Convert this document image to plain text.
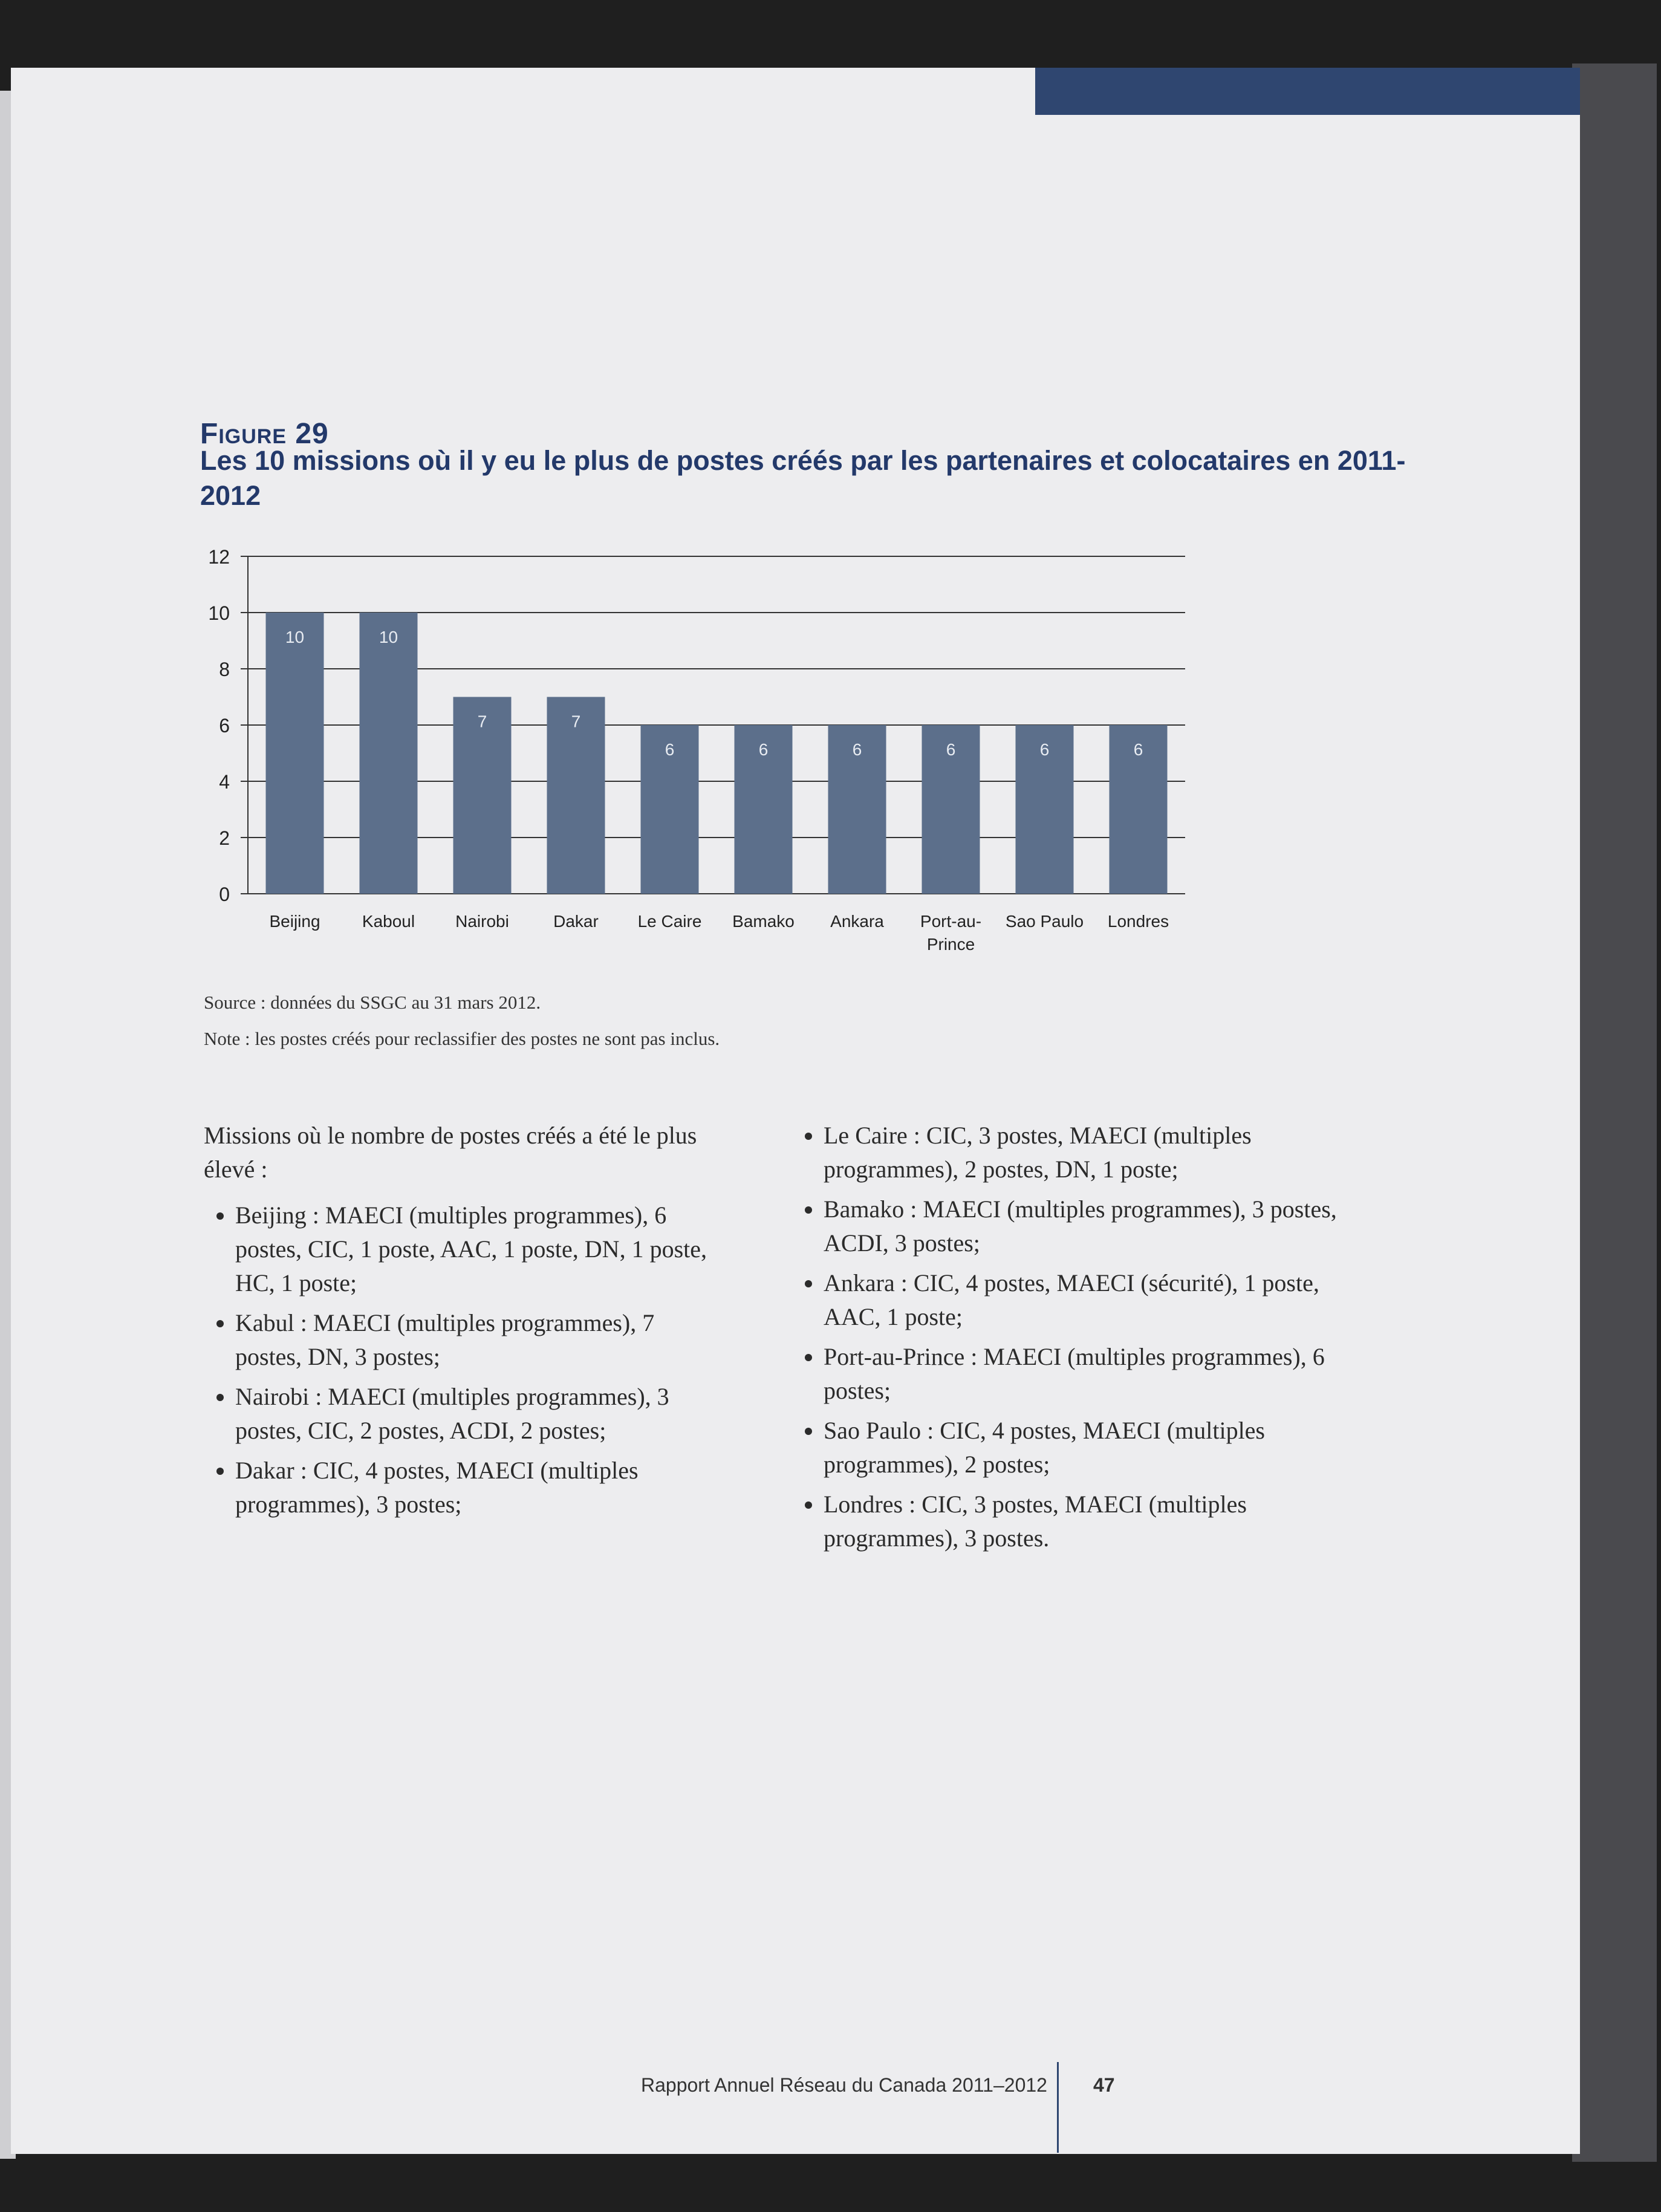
Figure 29
Les 10 missions où il y eu le plus de postes créés par les partenaires et colocataires en 2011-2012
10	10
7	7
6	6	6	6	6	6
0
2
4
6
8
10
12
Beijing Kaboul Nairobi	Dakar Le Caire Bamako Ankara Port-au-
Prince
Sao Paulo Londres
Source : données du SSGC au 31 mars 2012.
Note : les postes créés pour reclassifier des postes ne sont pas inclus.
Missions où le nombre de postes créés a été le plus élevé :
• Beijing : MAECI (multiples programmes), 6 postes, CIC, 1 poste, AAC, 1 poste, DN, 1 poste, HC, 1 poste;
• Kabul : MAECI (multiples programmes), 7 postes, DN, 3 postes;
• Nairobi : MAECI (multiples programmes), 3 postes, CIC, 2 postes, ACDI, 2 postes;
• Dakar : CIC, 4 postes, MAECI (multiples programmes), 3 postes;
• Le Caire : CIC, 3 postes, MAECI (multiples programmes), 2 postes, DN, 1 poste;
• Bamako : MAECI (multiples programmes), 3 postes, ACDI, 3 postes;
• Ankara : CIC, 4 postes, MAECI (sécurité), 1 poste, AAC, 1 poste;
• Port-au-Prince : MAECI (multiples programmes), 6 postes;
• Sao Paulo : CIC, 4 postes, MAECI (multiples programmes), 2 postes;
• Londres : CIC, 3 postes, MAECI (multiples programmes), 3 postes.
Rapport Annuel Réseau du Canada 2011–2012 47
